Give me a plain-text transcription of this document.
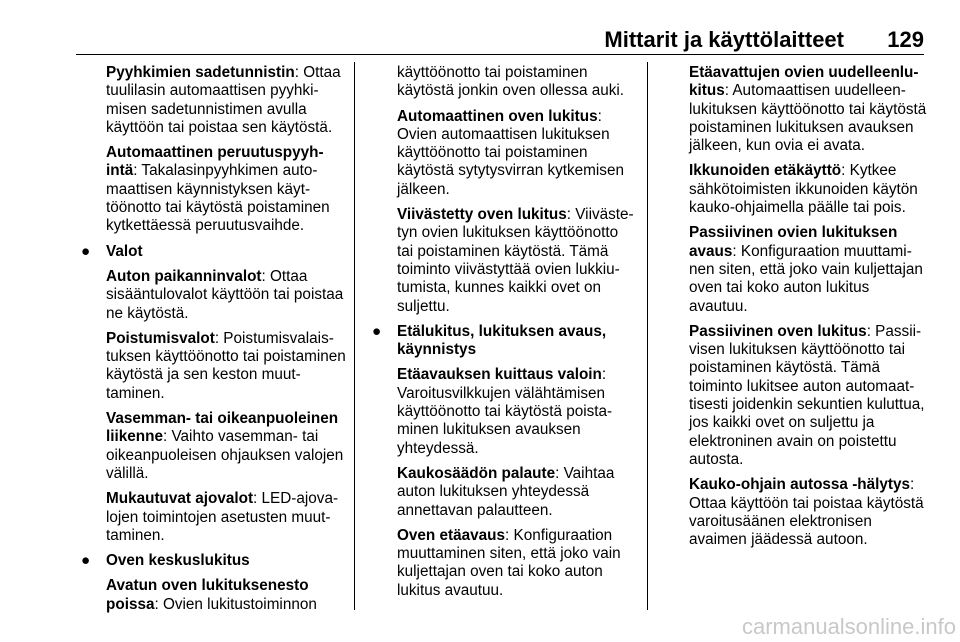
Mittarit ja käyttölaitteet 129

Pyyhkimien sadetunnistin: Ottaa tuulilasin automaattisen pyyhkimisen sadetunnistimen avulla käyttöön tai poistaa sen käytöstä.

Automaattinen peruutuspyyhintä: Takalasinpyyhkimen automaattisen käynnistyksen käyttöönotto tai käytöstä poistaminen kytkettäessä peruutusvaihde.

● Valot

Auton paikanninvalot: Ottaa sisääntulovalot käyttöön tai poistaa ne käytöstä.

Poistumisvalot: Poistumisvalaistuksen käyttöönotto tai poistaminen käytöstä ja sen keston muuttaminen.

Vasemman- tai oikeanpuoleinen liikenne: Vaihto vasemman- tai oikeanpuoleisen ohjauksen valojen välillä.

Mukautuvat ajovalot: LED-ajovalojen toimintojen asetusten muuttaminen.

● Oven keskuslukitus

Avatun oven lukituksenesto poissa: Ovien lukitustoiminnon

käyttöönotto tai poistaminen käytöstä jonkin oven ollessa auki.

Automaattinen oven lukitus: Ovien automaattisen lukituksen käyttöönotto tai poistaminen käytöstä sytytysvirran kytkemisen jälkeen.

Viivästetty oven lukitus: Viivästetyn ovien lukituksen käyttöönotto tai poistaminen käytöstä. Tämä toiminto viivästyttää ovien lukkiutumista, kunnes kaikki ovet on suljettu.

● Etälukitus, lukituksen avaus, käynnistys

Etäavauksen kuittaus valoin: Varoitusvilkkujen välähtämisen käyttöönotto tai käytöstä poistaminen lukituksen avauksen yhteydessä.

Kaukosäädön palaute: Vaihtaa auton lukituksen yhteydessä annettavan palautteen.

Oven etäavaus: Konfiguraation muuttaminen siten, että joko vain kuljettajan oven tai koko auton lukitus avautuu.

Etäavattujen ovien uudelleenlukitus: Automaattisen uudelleenlukituksen käyttöönotto tai käytöstä poistaminen lukituksen avauksen jälkeen, kun ovia ei avata.

Ikkunoiden etäkäyttö: Kytkee sähkötoimisten ikkunoiden käytön kauko-ohjaimella päälle tai pois.

Passiivinen ovien lukituksen avaus: Konfiguraation muuttaminen siten, että joko vain kuljettajan oven tai koko auton lukitus avautuu.

Passiivinen oven lukitus: Passiivisen lukituksen käyttöönotto tai poistaminen käytöstä. Tämä toiminto lukitsee auton automaattisesti joidenkin sekuntien kuluttua, jos kaikki ovet on suljettu ja elektroninen avain on poistettu autosta.

Kauko-ohjain autossa -hälytys: Ottaa käyttöön tai poistaa käytöstä varoitusäänen elektronisen avaimen jäädessä autoon.

carmanualsonline.info
